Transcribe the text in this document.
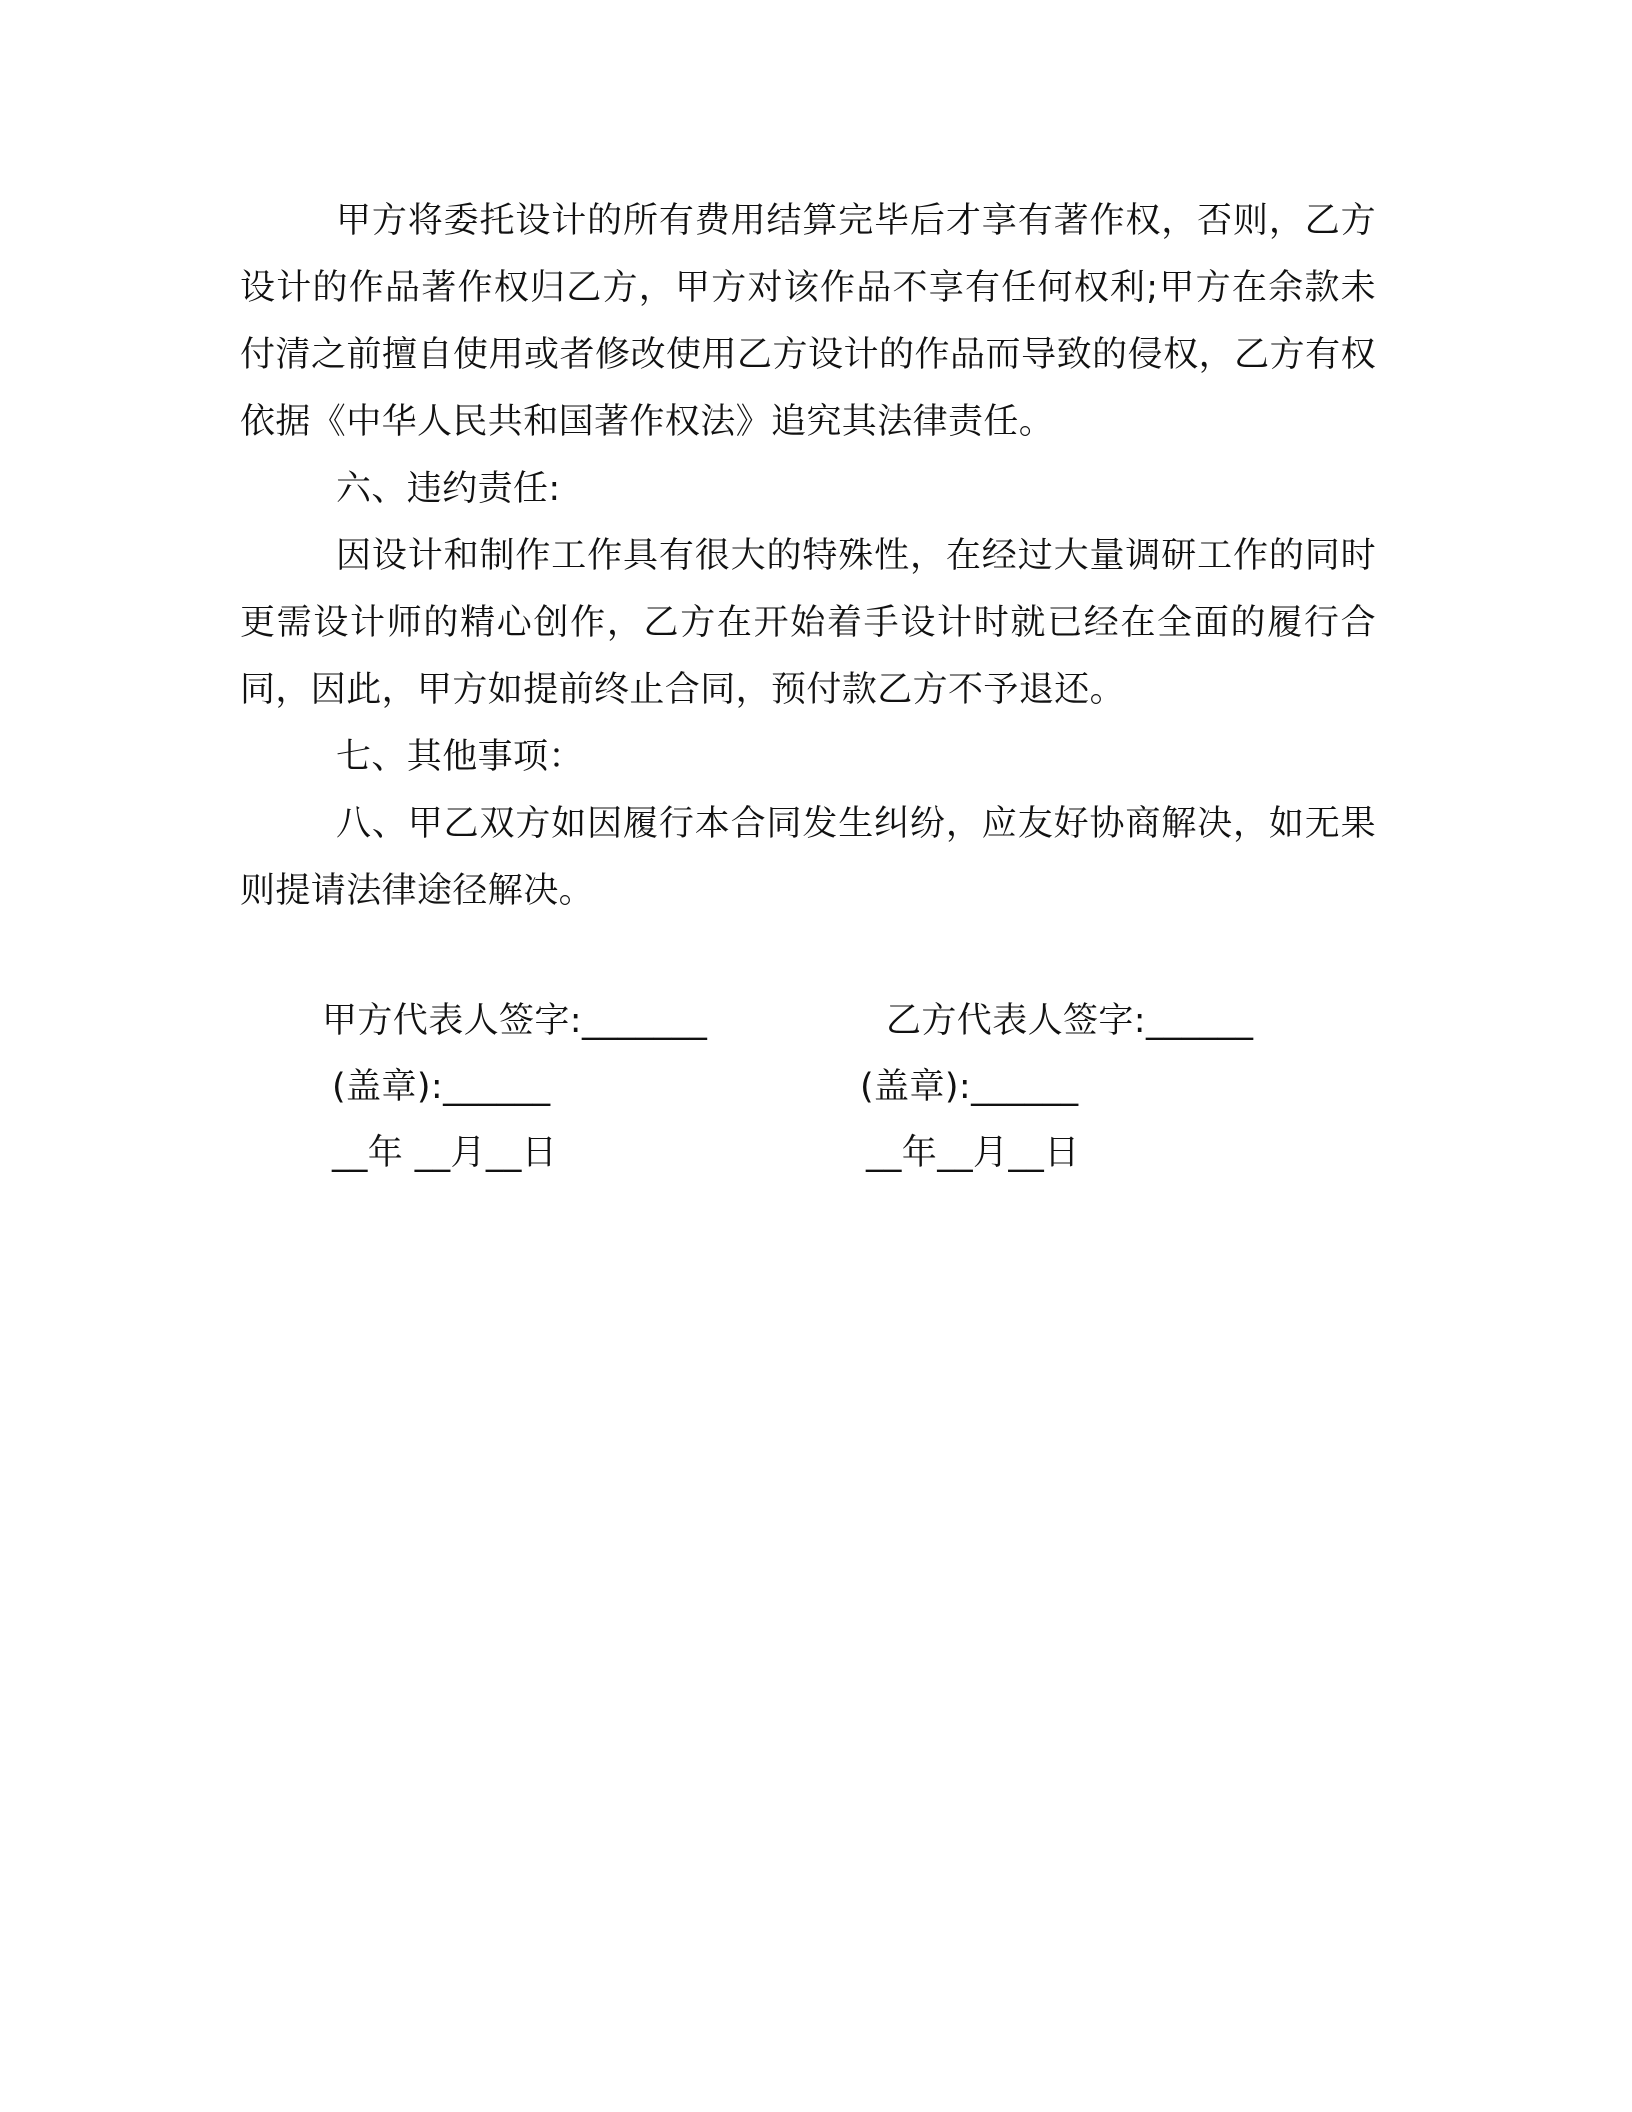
甲方将委托设计的所有费用结算完毕后才享有著作权，否则，乙方设计的作品著作权归乙方，甲方对该作品不享有任何权利;甲方在余款未付清之前擅自使用或者修改使用乙方设计的作品而导致的侵权，乙方有权依据《中华人民共和国著作权法》追究其法律责任。

六、违约责任:

因设计和制作工作具有很大的特殊性，在经过大量调研工作的同时更需设计师的精心创作，乙方在开始着手设计时就已经在全面的履行合同，因此，甲方如提前终止合同，预付款乙方不予退还。

七、其他事项：

八、甲乙双方如因履行本合同发生纠纷，应友好协商解决，如无果则提请法律途径解决。

甲方代表人签字:_______
(盖章):______
__年 __月__日
乙方代表人签字:______
(盖章):______
__年__月__日
